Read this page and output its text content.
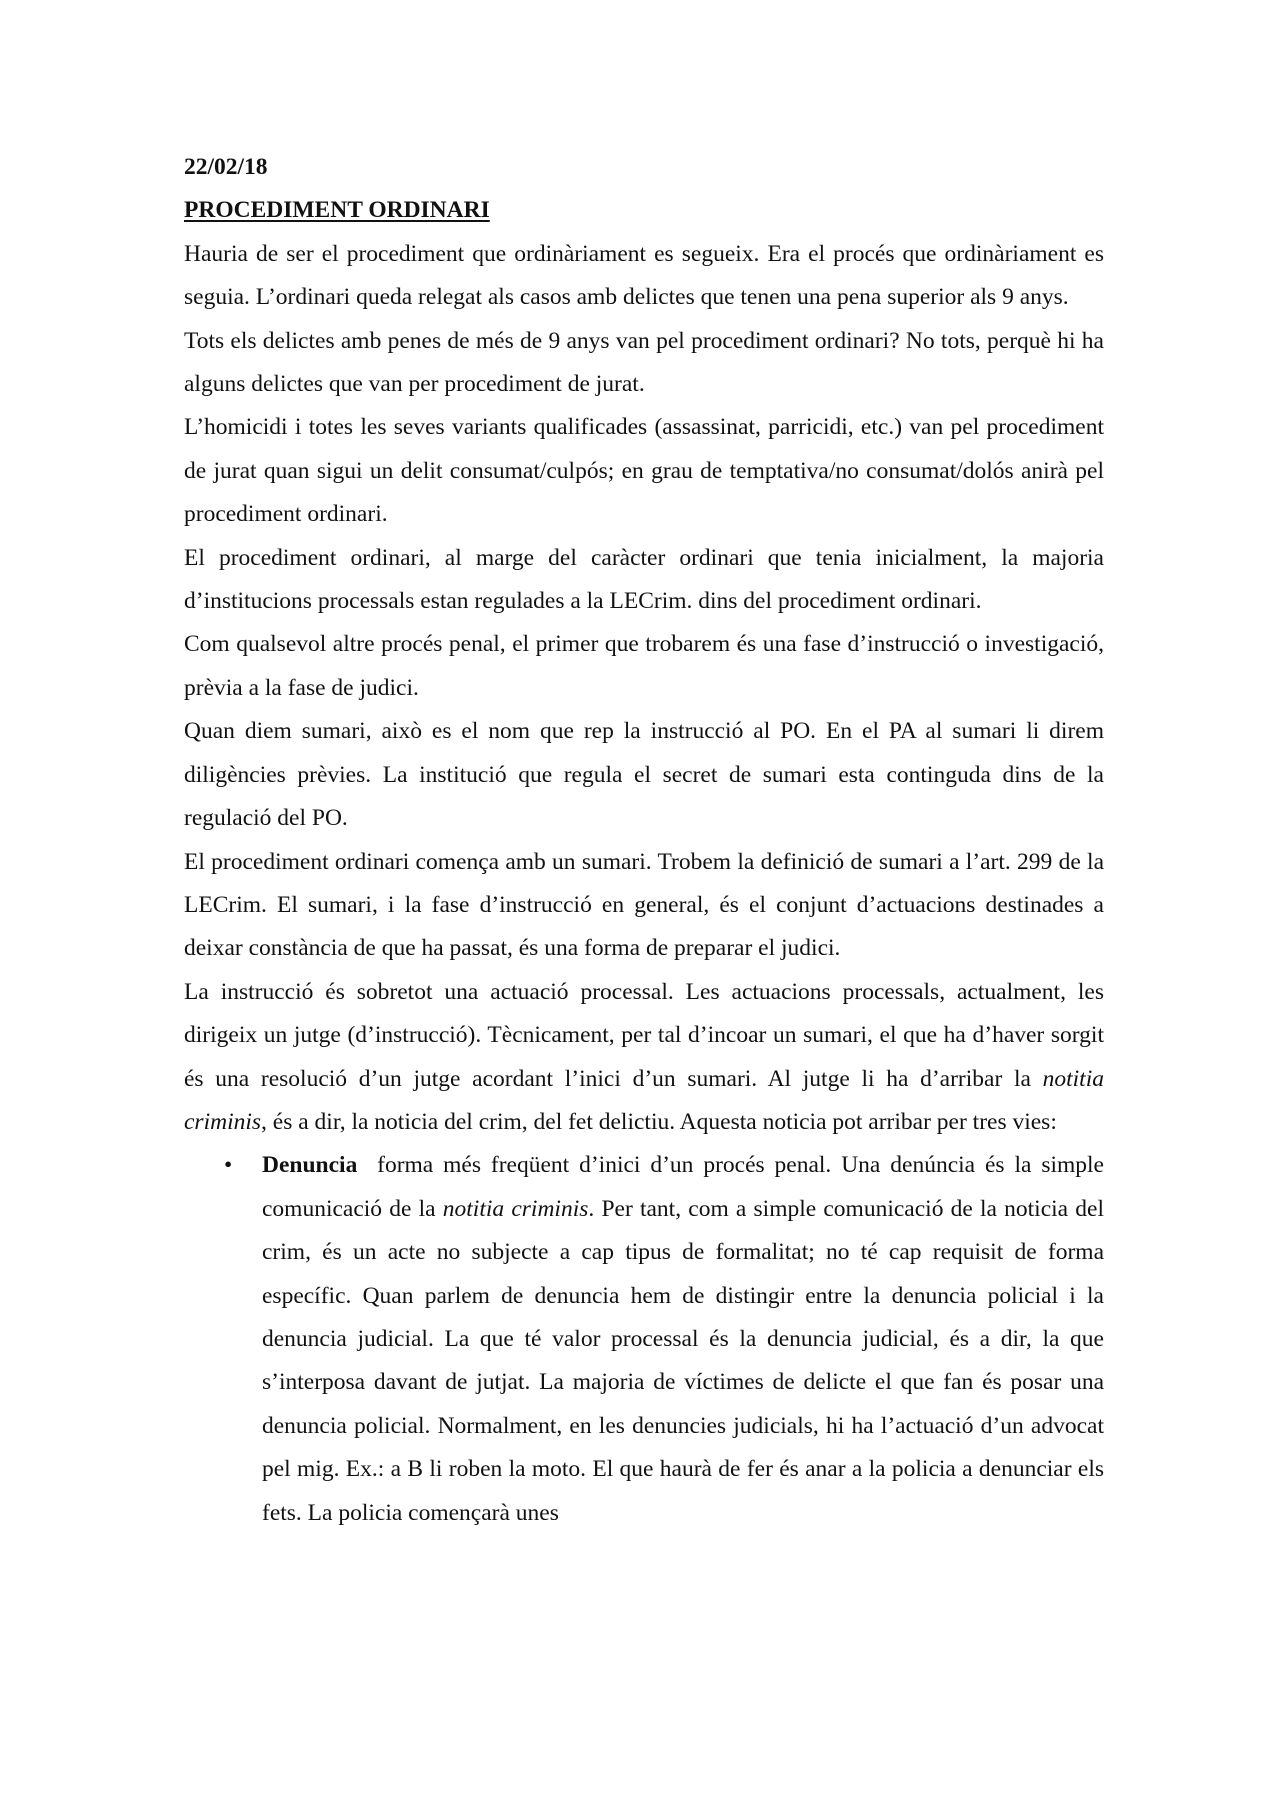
22/02/18
PROCEDIMENT ORDINARI

Hauria de ser el procediment que ordinàriament es segueix. Era el procés que ordinàriament es seguia. L’ordinari queda relegat als casos amb delictes que tenen una pena superior als 9 anys.

Tots els delictes amb penes de més de 9 anys van pel procediment ordinari? No tots, perquè hi ha alguns delictes que van per procediment de jurat.

L’homicidi i totes les seves variants qualificades (assassinat, parricidi, etc.) van pel procediment de jurat quan sigui un delit consumat/culpós; en grau de temptativa/no consumat/dolós anirà pel procediment ordinari.

El procediment ordinari, al marge del caràcter ordinari que tenia inicialment, la majoria d’institucions processals estan regulades a la LECrim. dins del procediment ordinari.

Com qualsevol altre procés penal, el primer que trobarem és una fase d’instrucció o investigació, prèvia a la fase de judici.

Quan diem sumari, això es el nom que rep la instrucció al PO. En el PA al sumari li direm diligències prèvies. La institució que regula el secret de sumari esta continguda dins de la regulació del PO.

El procediment ordinari comença amb un sumari. Trobem la definició de sumari a l’art. 299 de la LECrim. El sumari, i la fase d’instrucció en general, és el conjunt d’actuacions destinades a deixar constància de que ha passat, és una forma de preparar el judici.

La instrucció és sobretot una actuació processal. Les actuacions processals, actualment, les dirigeix un jutge (d’instrucció). Tècnicament, per tal d’incoar un sumari, el que ha d’haver sorgit és una resolució d’un jutge acordant l’inici d’un sumari. Al jutge li ha d’arribar la notitia criminis, és a dir, la noticia del crim, del fet delictiu. Aquesta noticia pot arribar per tres vies:

• Denuncia  forma més freqüent d’inici d’un procés penal. Una denúncia és la simple comunicació de la notitia criminis. Per tant, com a simple comunicació de la noticia del crim, és un acte no subjecte a cap tipus de formalitat; no té cap requisit de forma específic. Quan parlem de denuncia hem de distingir entre la denuncia policial i la denuncia judicial. La que té valor processal és la denuncia judicial, és a dir, la que s’interposa davant de jutjat. La majoria de víctimes de delicte el que fan és posar una denuncia policial. Normalment, en les denuncies judicials, hi ha l’actuació d’un advocat pel mig. Ex.: a B li roben la moto. El que haurà de fer és anar a la policia a denunciar els fets. La policia començarà unes
